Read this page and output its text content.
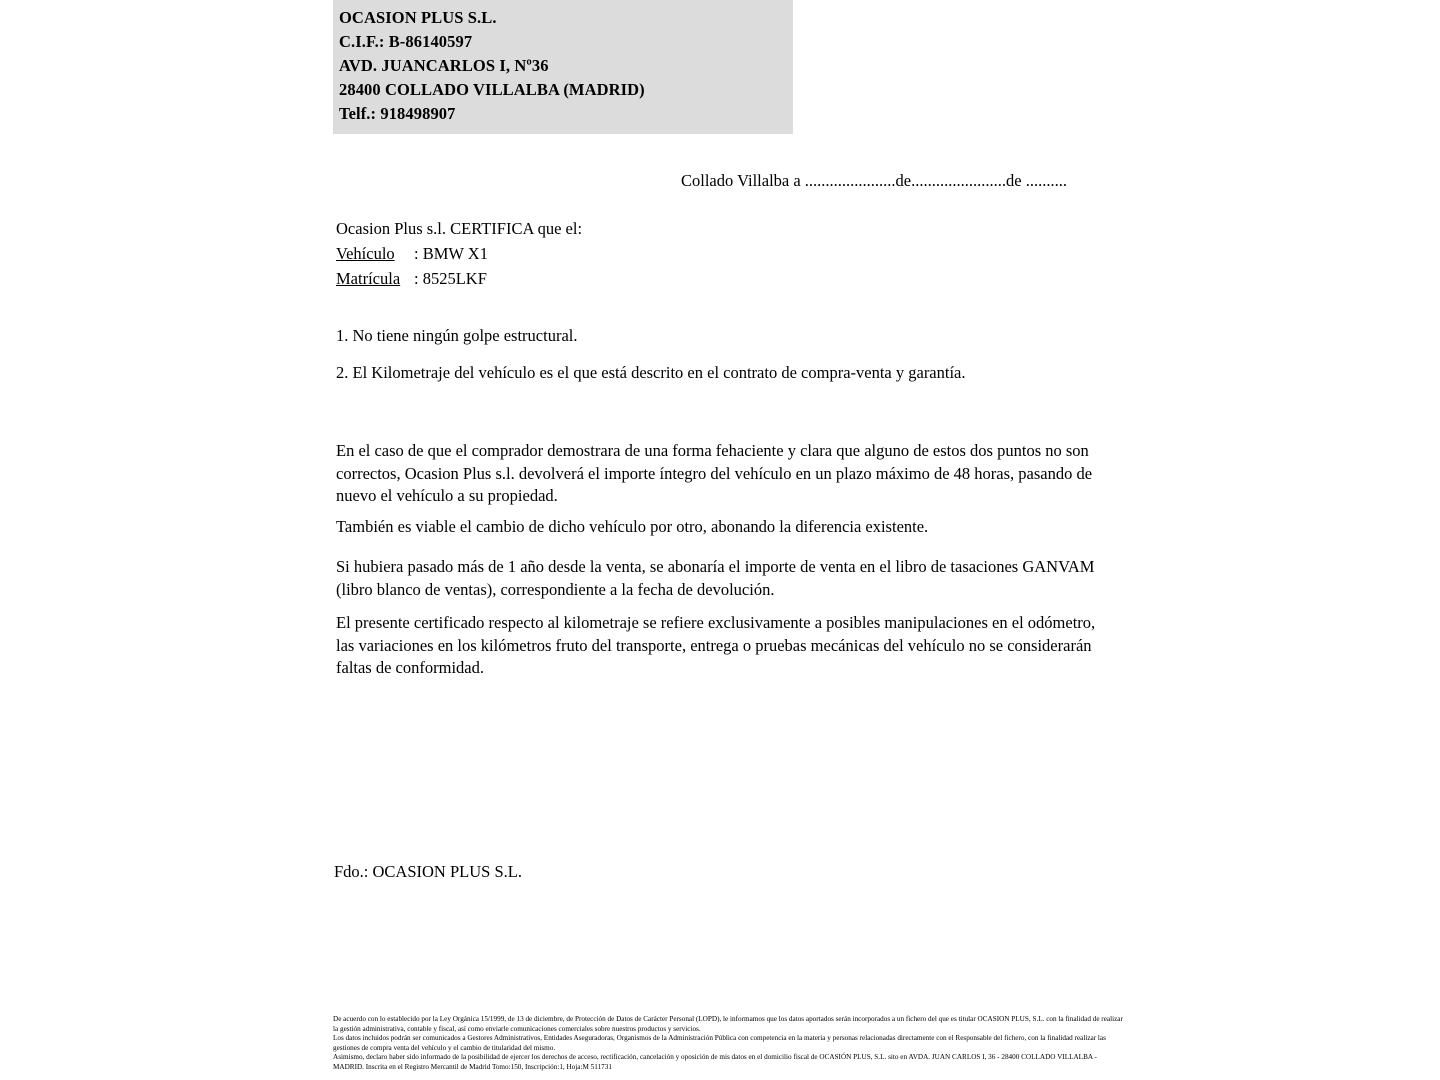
OCASION PLUS S.L.
C.I.F.: B-86140597
AVD. JUANCARLOS I, Nº36
28400 COLLADO VILLALBA (MADRID)
Telf.: 918498907
Collado Villalba a ......................de.......................de ..........
Ocasion Plus s.l. CERTIFICA que el:
Vehículo : BMW X1
Matrícula : 8525LKF
1. No tiene ningún golpe estructural.
2. El Kilometraje del vehículo es el que está descrito en el contrato de compra-venta y garantía.
En el caso de que el comprador demostrara de una forma fehaciente y clara que alguno de estos dos puntos no son correctos, Ocasion Plus s.l. devolverá el importe íntegro del vehículo en un plazo máximo de 48 horas, pasando de nuevo el vehículo a su propiedad.
También es viable el cambio de dicho vehículo por otro, abonando la diferencia existente.
Si hubiera pasado más de 1 año desde la venta, se abonaría el importe de venta en el libro de tasaciones GANVAM (libro blanco de ventas), correspondiente a la fecha de devolución.
El presente certificado respecto al kilometraje se refiere exclusivamente a posibles manipulaciones en el odómetro, las variaciones en los kilómetros fruto del transporte, entrega o pruebas mecánicas del vehículo no se considerarán faltas de conformidad.
Fdo.: OCASION PLUS S.L.

De acuerdo con lo establecido por la Ley Orgánica 15/1999, de 13 de diciembre, de Protección de Datos de Carácter Personal (LOPD), le informamos que los datos aportados serán incorporados a un fichero del que es titular OCASION PLUS, S.L. con la finalidad de realizar la gestión administrativa, contable y fiscal, así como enviarle comunicaciones comerciales sobre nuestros productos y servicios.

Los datos incluidos podrán ser comunicados a Gestores Administrativos, Entidades Aseguradoras, Organismos de la Administración Pública con competencia en la materia y personas relacionadas directamente con el Responsable del fichero, con la finalidad realizar las gestiones de compra venta del vehículo y el cambio de titularidad del mismo.

Asimismo, declaro haber sido informado de la posibilidad de ejercer los derechos de acceso, rectificación, cancelación y oposición de mis datos en el domicilio fiscal de OCASIÓN PLUS, S.L. sito en AVDA. JUAN CARLOS I, 36 - 28400 COLLADO VILLALBA - MADRID. Inscrita en el Registro Mercantil de Madrid Tomo:150, Inscripción:1, Hoja:M 511731
